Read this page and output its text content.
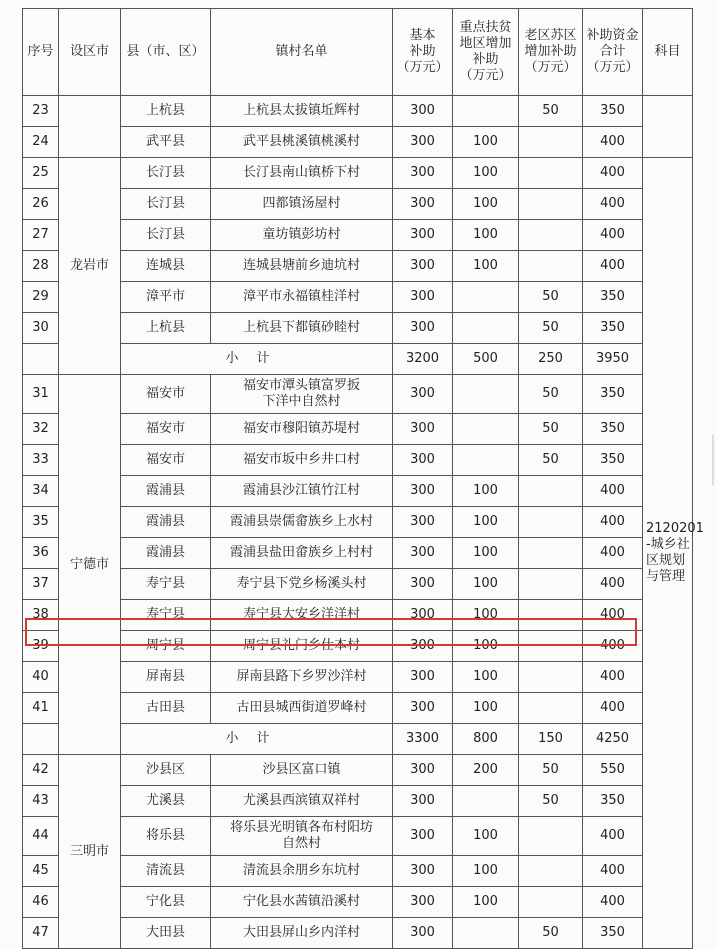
序号	设区市	县（市、区）	镇村名单	基本
补助
（万元）	重点扶贫
地区增加
补助
（万元）	老区苏区
增加补助
（万元）	补助资金
合计
（万元）	科目
23		上杭县	上杭县太拔镇坵辉村	300		50	350	
24		武平县	武平县桃溪镇桃溪村	300	100		400	
25	龙岩市	长汀县	长汀县南山镇桥下村	300	100		400	2120201
-城乡社
区规划
与管理
26		长汀县	四都镇汤屋村	300	100		400	
27		长汀县	童坊镇彭坊村	300	100		400	
28		连城县	连城县塘前乡迪坑村	300	100		400	
29		漳平市	漳平市永福镇桂洋村	300		50	350	
30		上杭县	上杭县下都镇砂睦村	300		50	350	
		小计		3200	500	250	3950	
31	宁德市	福安市	福安市潭头镇富罗扳
下洋中自然村	300		50	350	
32		福安市	福安市穆阳镇苏堤村	300		50	350	
33		福安市	福安市坂中乡井口村	300		50	350	
34		霞浦县	霞浦县沙江镇竹江村	300	100		400	
35		霞浦县	霞浦县崇儒畲族乡上水村	300	100		400	
36		霞浦县	霞浦县盐田畲族乡上村村	300	100		400	
37		寿宁县	寿宁县下党乡杨溪头村	300	100		400	
38		寿宁县	寿宁县大安乡洋洋村	300	100		400	
39		周宁县	周宁县礼门乡仕本村	300	100		400	
40		屏南县	屏南县路下乡罗沙洋村	300	100		400	
41		古田县	古田县城西街道罗峰村	300	100		400	
		小计		3300	800	150	4250	
42	三明市	沙县区	沙县区富口镇	300	200	50	550	
43		尤溪县	尤溪县西滨镇双祥村	300		50	350	
44		将乐县	将乐县光明镇各布村阳坊
自然村	300	100		400	
45		清流县	清流县余朋乡东坑村	300	100		400	
46		宁化县	宁化县水茜镇沿溪村	300	100		400	
47		大田县	大田县屏山乡内洋村	300		50	350	
